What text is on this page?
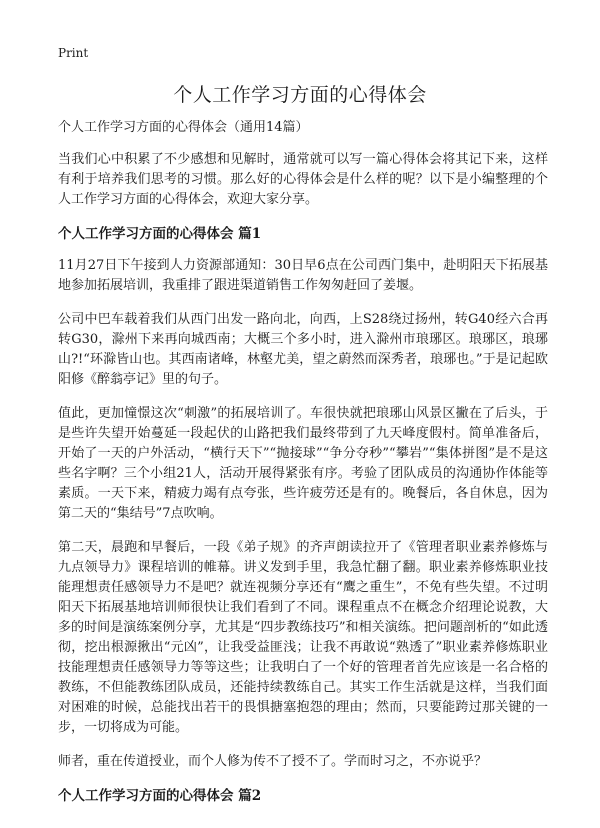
Print
个人工作学习方面的心得体会

个人工作学习方面的心得体会（通用14篇）

当我们心中积累了不少感想和见解时，通常就可以写一篇心得体会将其记下来，这样有利于培养我们思考的习惯。那么好的心得体会是什么样的呢？以下是小编整理的个人工作学习方面的心得体会，欢迎大家分享。

个人工作学习方面的心得体会 篇1

11月27日下午接到人力资源部通知：30日早6点在公司西门集中，赴明阳天下拓展基地参加拓展培训，我重排了跟进渠道销售工作匆匆赶回了姜堰。

公司中巴车载着我们从西门出发一路向北，向西，上S28绕过扬州，转G40经六合再转G30，滁州下来再向城西南；大概三个多小时，进入滁州市琅琊区。琅琊区，琅琊山?!“环滁皆山也。其西南诸峰，林壑尤美，望之蔚然而深秀者，琅琊也。”于是记起欧阳修《醉翁亭记》里的句子。

值此，更加憧憬这次“刺激”的拓展培训了。车很快就把琅琊山风景区撇在了后头，于是些许失望开始蔓延一段起伏的山路把我们最终带到了九天峰度假村。简单准备后，开始了一天的户外活动，“横行天下”“抛接球”“争分夺秒”“攀岩”“集体拼图”是不是这些名字啊？三个小组21人，活动开展得紧张有序。考验了团队成员的沟通协作体能等素质。一天下来，精疲力竭有点夸张，些许疲劳还是有的。晚餐后，各自休息，因为第二天的“集结号”7点吹响。

第二天，晨跑和早餐后，一段《弟子规》的齐声朗读拉开了《管理者职业素养修炼与九点领导力》课程培训的帷幕。讲义发到手里，我急忙翻了翻。职业素养修炼职业技能理想责任感领导力不是吧？就连视频分享还有“鹰之重生”，不免有些失望。不过明阳天下拓展基地培训师很快让我们看到了不同。课程重点不在概念介绍理论说教，大多的时间是演练案例分享，尤其是“四步教练技巧”和相关演练。把问题剖析的“如此透彻，挖出根源揪出“元凶”，让我受益匪浅；让我不再敢说“熟透了”职业素养修炼职业技能理想责任感领导力等等这些；让我明白了一个好的管理者首先应该是一名合格的教练，不但能教练团队成员，还能持续教练自己。其实工作生活就是这样，当我们面对困难的时候，总能找出若干的畏惧搪塞抱怨的理由；然而，只要能跨过那关键的一步，一切将成为可能。

师者，重在传道授业，而个人修为传不了授不了。学而时习之，不亦说乎？

个人工作学习方面的心得体会 篇2
